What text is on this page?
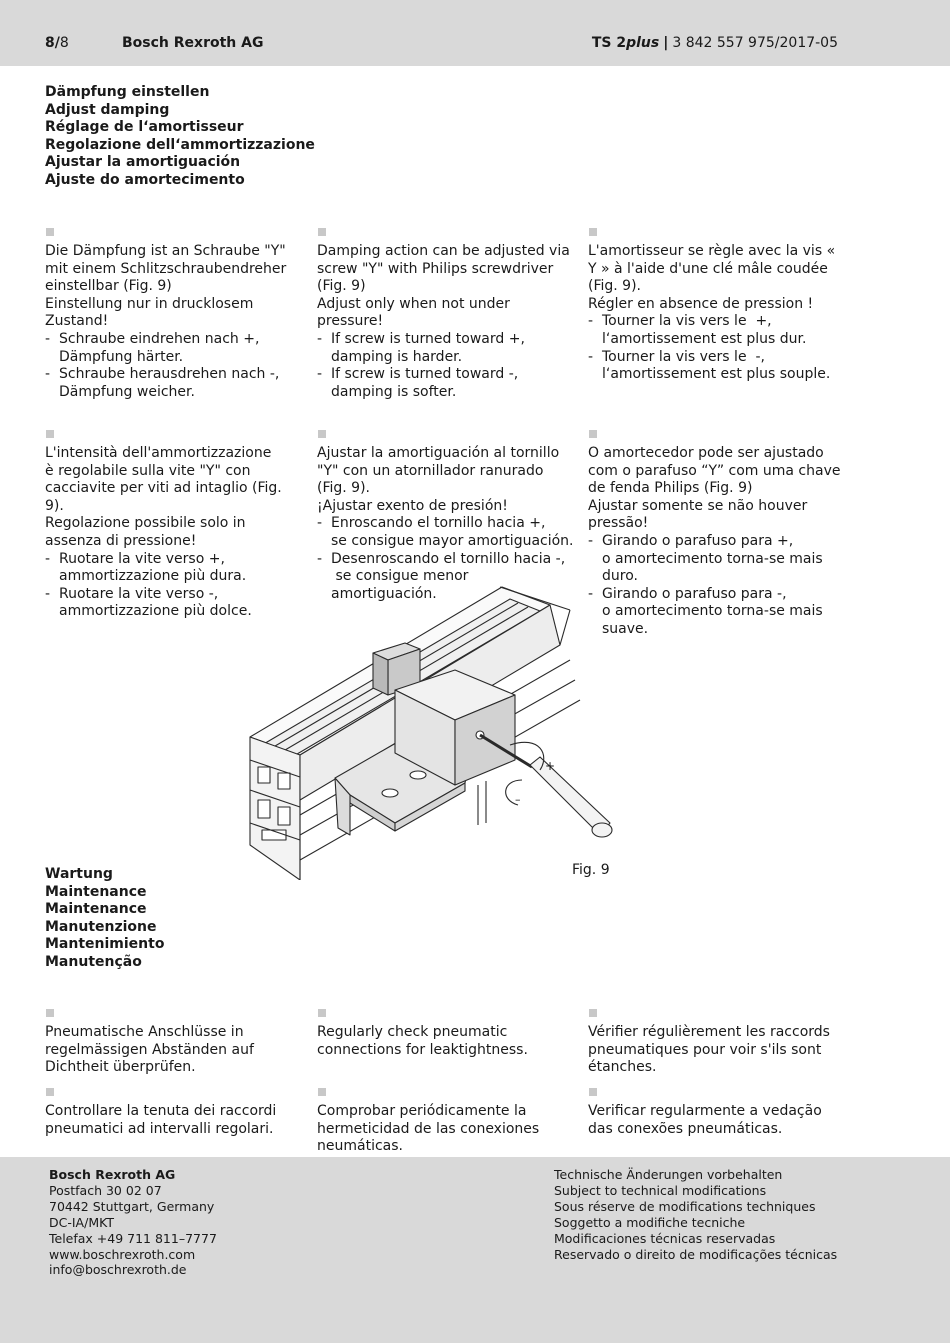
8/8	Bosch Rexroth AG	TS 2plus | 3 842 557 975/2017-05
Dämpfung einstellen
Adjust damping
Réglage de l‘amortisseur
Regolazione dell‘ammortizzazione
Ajustar la amortiguación
Ajuste do amortecimento

Die Dämpfung ist an Schraube "Y"

mit einem Schlitzschraubendreher

einstellbar (Fig. 9)

Einstellung nur in drucklosem

Zustand!

- Schraube eindrehen nach +,
Dämpfung härter.
- Schraube herausdrehen nach -,
Dämpfung weicher.

Damping action can be adjusted via

screw "Y" with Philips screwdriver

(Fig. 9)

Adjust only when not under

pressure!

- If screw is turned toward +,
damping is harder.
- If screw is turned toward -,
damping is softer.

L'amortisseur se règle avec la vis «

Y » à l'aide d'une clé mâle coudée

(Fig. 9).

Régler en absence de pression !

- Tourner la vis vers le  +,
l‘amortissement est plus dur.
- Tourner la vis vers le  -,
l‘amortissement est plus souple.

L'intensità dell'ammortizzazione

è regolabile sulla vite "Y" con

cacciavite per viti ad intaglio (Fig.

9).

Regolazione possibile solo in

assenza di pressione!

- Ruotare la vite verso +,
ammortizzazione più dura.
- Ruotare la vite verso -,
ammortizzazione più dolce.

Ajustar la amortiguación al tornillo

"Y" con un atornillador ranurado

(Fig. 9).

¡Ajustar exento de presión!

- Enroscando el tornillo hacia +,
se consigue mayor amortiguación.
- Desenroscando el tornillo hacia -,
se consigue menor
amortiguación.

O amortecedor pode ser ajustado

com o parafuso “Y” com uma chave

de fenda Philips (Fig. 9)

Ajustar somente se não houver

pressão!

- Girando o parafuso para +,
o amortecimento torna-se mais
duro.
- Girando o parafuso para -,
o amortecimento torna-se mais
suave.
+
–
Fig. 9
Wartung
Maintenance
Maintenance
Manutenzione
Mantenimiento
Manutenção

Pneumatische Anschlüsse in

regelmässigen Abständen auf

Dichtheit überprüfen.

Regularly check pneumatic

connections for leaktightness.

Vérifier régulièrement les raccords

pneumatiques pour voir s'ils sont

étanches.

Controllare la tenuta dei raccordi

pneumatici ad intervalli regolari.

Comprobar periódicamente la

hermeticidad de las conexiones

neumáticas.

Verificar regularmente a vedação

das conexões pneumáticas.

Bosch Rexroth AG
Postfach 30 02 07
70442 Stuttgart, Germany
DC-IA/MKT
Telefax +49 711 811–7777
www.boschrexroth.com
info@boschrexroth.de
Technische Änderungen vorbehalten
Subject to technical modifications
Sous réserve de modifications techniques
Soggetto a modifiche tecniche
Modificaciones técnicas reservadas
Reservado o direito de modificações técnicas
